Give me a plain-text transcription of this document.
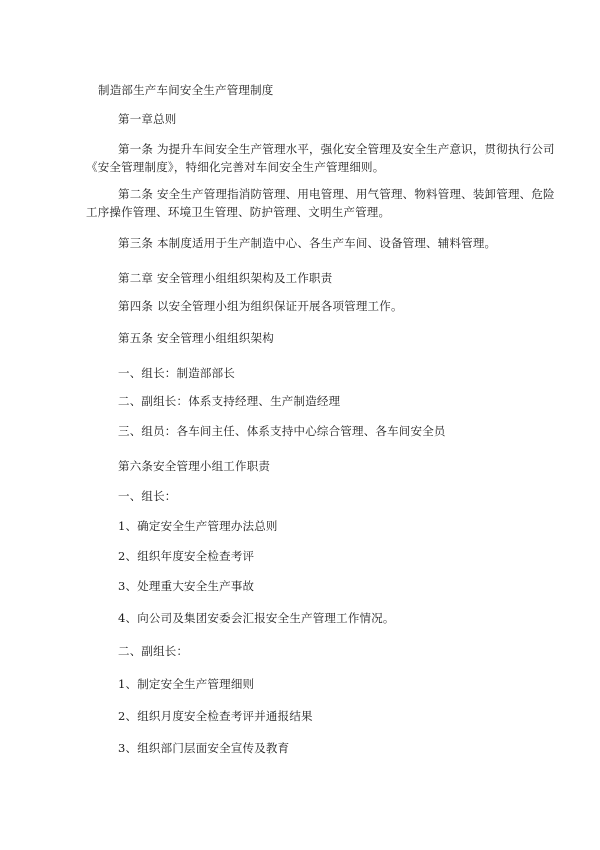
制造部生产车间安全生产管理制度
第一章总则
第一条 为提升车间安全生产管理水平，强化安全管理及安全生产意识，贯彻执行公司
《安全管理制度》，特细化完善对车间安全生产管理细则。
第二条 安全生产管理指消防管理、用电管理、用气管理、物料管理、装卸管理、危险
工序操作管理、环境卫生管理、防护管理、文明生产管理。
第三条 本制度适用于生产制造中心、各生产车间、设备管理、辅料管理。
第二章 安全管理小组组织架构及工作职责
第四条 以安全管理小组为组织保证开展各项管理工作。
第五条 安全管理小组组织架构
一、组长：制造部部长
二、副组长：体系支持经理、生产制造经理
三、组员：各车间主任、体系支持中心综合管理、各车间安全员
第六条安全管理小组工作职责
一、组长：
1、确定安全生产管理办法总则
2、组织年度安全检查考评
3、处理重大安全生产事故
4、向公司及集团安委会汇报安全生产管理工作情况。
二、副组长：
1、制定安全生产管理细则
2、组织月度安全检查考评并通报结果
3、组织部门层面安全宣传及教育
